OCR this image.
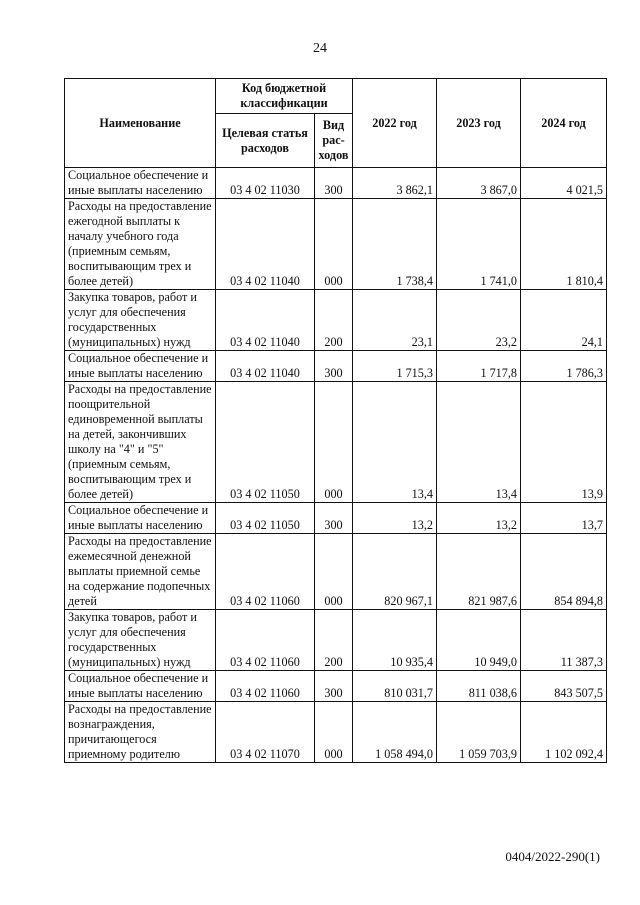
24
Наименование	Код бюджетной классификации		2022 год	2023 год	2024 год
	Целевая статья расходов	Вид рас-ходов			
Социальное обеспечение и иные выплаты населению	03 4 02 11030	300	3 862,1	3 867,0	4 021,5
Расходы на предоставление ежегодной выплаты к началу учебного года (приемным семьям, воспитывающим трех и более детей)	03 4 02 11040	000	1 738,4	1 741,0	1 810,4
Закупка товаров, работ и услуг для обеспечения государственных (муниципальных) нужд	03 4 02 11040	200	23,1	23,2	24,1
Социальное обеспечение и иные выплаты населению	03 4 02 11040	300	1 715,3	1 717,8	1 786,3
Расходы на предоставление поощрительной единовременной выплаты на детей, закончивших школу на "4" и "5" (приемным семьям, воспитывающим трех и более детей)	03 4 02 11050	000	13,4	13,4	13,9
Социальное обеспечение и иные выплаты населению	03 4 02 11050	300	13,2	13,2	13,7
Расходы на предоставление ежемесячной денежной выплаты приемной семье на содержание подопечных детей	03 4 02 11060	000	820 967,1	821 987,6	854 894,8
Закупка товаров, работ и услуг для обеспечения государственных (муниципальных) нужд	03 4 02 11060	200	10 935,4	10 949,0	11 387,3
Социальное обеспечение и иные выплаты населению	03 4 02 11060	300	810 031,7	811 038,6	843 507,5
Расходы на предоставление вознаграждения, причитающегося приемному родителю	03 4 02 11070	000	1 058 494,0	1 059 703,9	1 102 092,4
0404/2022-290(1)
